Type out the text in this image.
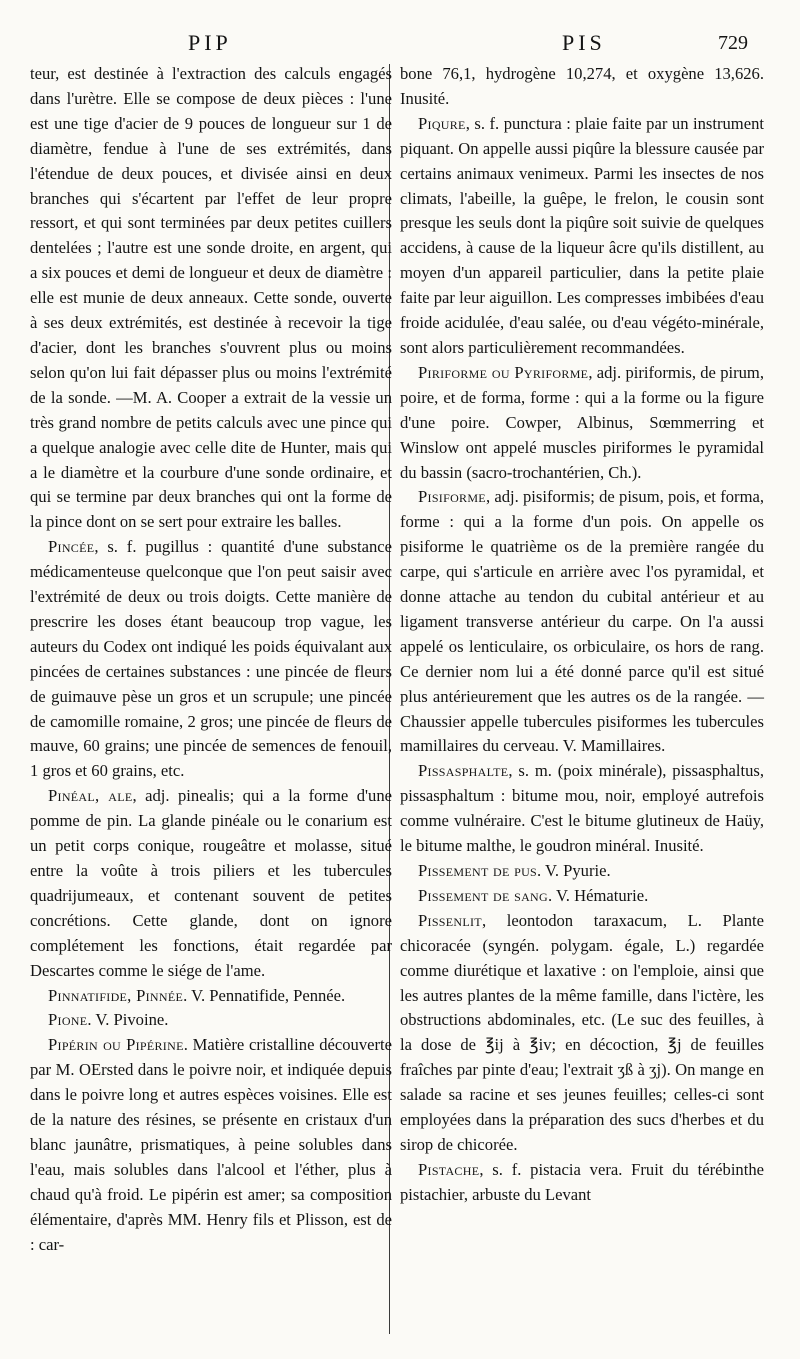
PIP	PIS	729

teur, est destinée à l'extraction des calculs engagés dans l'urètre. Elle se compose de deux pièces : l'une est une tige d'acier de 9 pouces de longueur sur 1 de diamètre, fendue à l'une de ses extrémités, dans l'étendue de deux pouces, et divisée ainsi en deux branches qui s'écartent par l'effet de leur propre ressort, et qui sont terminées par deux petites cuillers dentelées ; l'autre est une sonde droite, en argent, qui a six pouces et demi de longueur et deux de diamètre : elle est munie de deux anneaux. Cette sonde, ouverte à ses deux extrémités, est destinée à recevoir la tige d'acier, dont les branches s'ouvrent plus ou moins selon qu'on lui fait dépasser plus ou moins l'extrémité de la sonde. —M. A. Cooper a extrait de la vessie un très grand nombre de petits calculs avec une pince qui a quelque analogie avec celle dite de Hunter, mais qui a le diamètre et la courbure d'une sonde ordinaire, et qui se termine par deux branches qui ont la forme de la pince dont on se sert pour extraire les balles.

Pincée, s. f. pugillus : quantité d'une substance médicamenteuse quelconque que l'on peut saisir avec l'extrémité de deux ou trois doigts. Cette manière de prescrire les doses étant beaucoup trop vague, les auteurs du Codex ont indiqué les poids équivalant aux pincées de certaines substances : une pincée de fleurs de guimauve pèse un gros et un scrupule; une pincée de camomille romaine, 2 gros; une pincée de fleurs de mauve, 60 grains; une pincée de semences de fenouil, 1 gros et 60 grains, etc.

Pinéal, ale, adj. pinealis; qui a la forme d'une pomme de pin. La glande pinéale ou le conarium est un petit corps conique, rougeâtre et molasse, situé entre la voûte à trois piliers et les tubercules quadrijumeaux, et contenant souvent de petites concrétions. Cette glande, dont on ignore complétement les fonctions, était regardée par Descartes comme le siége de l'ame.

Pinnatifide, Pinnée. V. Pennatifide, Pennée.

Pione. V. Pivoine.

Pipérin ou Pipérine. Matière cristalline découverte par M. OErsted dans le poivre noir, et indiquée depuis dans le poivre long et autres espèces voisines. Elle est de la nature des résines, se présente en cristaux d'un blanc jaunâtre, prismatiques, à peine solubles dans l'eau, mais solubles dans l'alcool et l'éther, plus à chaud qu'à froid. Le pipérin est amer; sa composition élémentaire, d'après MM. Henry fils et Plisson, est de : car-

bone 76,1, hydrogène 10,274, et oxygène 13,626. Inusité.

Piqure, s. f. punctura : plaie faite par un instrument piquant. On appelle aussi piqûre la blessure causée par certains animaux venimeux. Parmi les insectes de nos climats, l'abeille, la guêpe, le frelon, le cousin sont presque les seuls dont la piqûre soit suivie de quelques accidens, à cause de la liqueur âcre qu'ils distillent, au moyen d'un appareil particulier, dans la petite plaie faite par leur aiguillon. Les compresses imbibées d'eau froide acidulée, d'eau salée, ou d'eau végéto-minérale, sont alors particulièrement recommandées.

Piriforme ou Pyriforme, adj. piriformis, de pirum, poire, et de forma, forme : qui a la forme ou la figure d'une poire. Cowper, Albinus, Sœmmerring et Winslow ont appelé muscles piriformes le pyramidal du bassin (sacro-trochantérien, Ch.).

Pisiforme, adj. pisiformis; de pisum, pois, et forma, forme : qui a la forme d'un pois. On appelle os pisiforme le quatrième os de la première rangée du carpe, qui s'articule en arrière avec l'os pyramidal, et donne attache au tendon du cubital antérieur et au ligament transverse antérieur du carpe. On l'a aussi appelé os lenticulaire, os orbiculaire, os hors de rang. Ce dernier nom lui a été donné parce qu'il est situé plus antérieurement que les autres os de la rangée. —Chaussier appelle tubercules pisiformes les tubercules mamillaires du cerveau. V. Mamillaires.

Pissasphalte, s. m. (poix minérale), pissasphaltus, pissasphaltum : bitume mou, noir, employé autrefois comme vulnéraire. C'est le bitume glutineux de Haüy, le bitume malthe, le goudron minéral. Inusité.

Pissement de pus. V. Pyurie.

Pissement de sang. V. Hématurie.

Pissenlit, leontodon taraxacum, L. Plante chicoracée (syngén. polygam. égale, L.) regardée comme diurétique et laxative : on l'emploie, ainsi que les autres plantes de la même famille, dans l'ictère, les obstructions abdominales, etc. (Le suc des feuilles, à la dose de ℥ij à ℥iv; en décoction, ℥j de feuilles fraîches par pinte d'eau; l'extrait ʒß à ʒj). On mange en salade sa racine et ses jeunes feuilles; celles-ci sont employées dans la préparation des sucs d'herbes et du sirop de chicorée.

Pistache, s. f. pistacia vera. Fruit du térébinthe pistachier, arbuste du Levant
